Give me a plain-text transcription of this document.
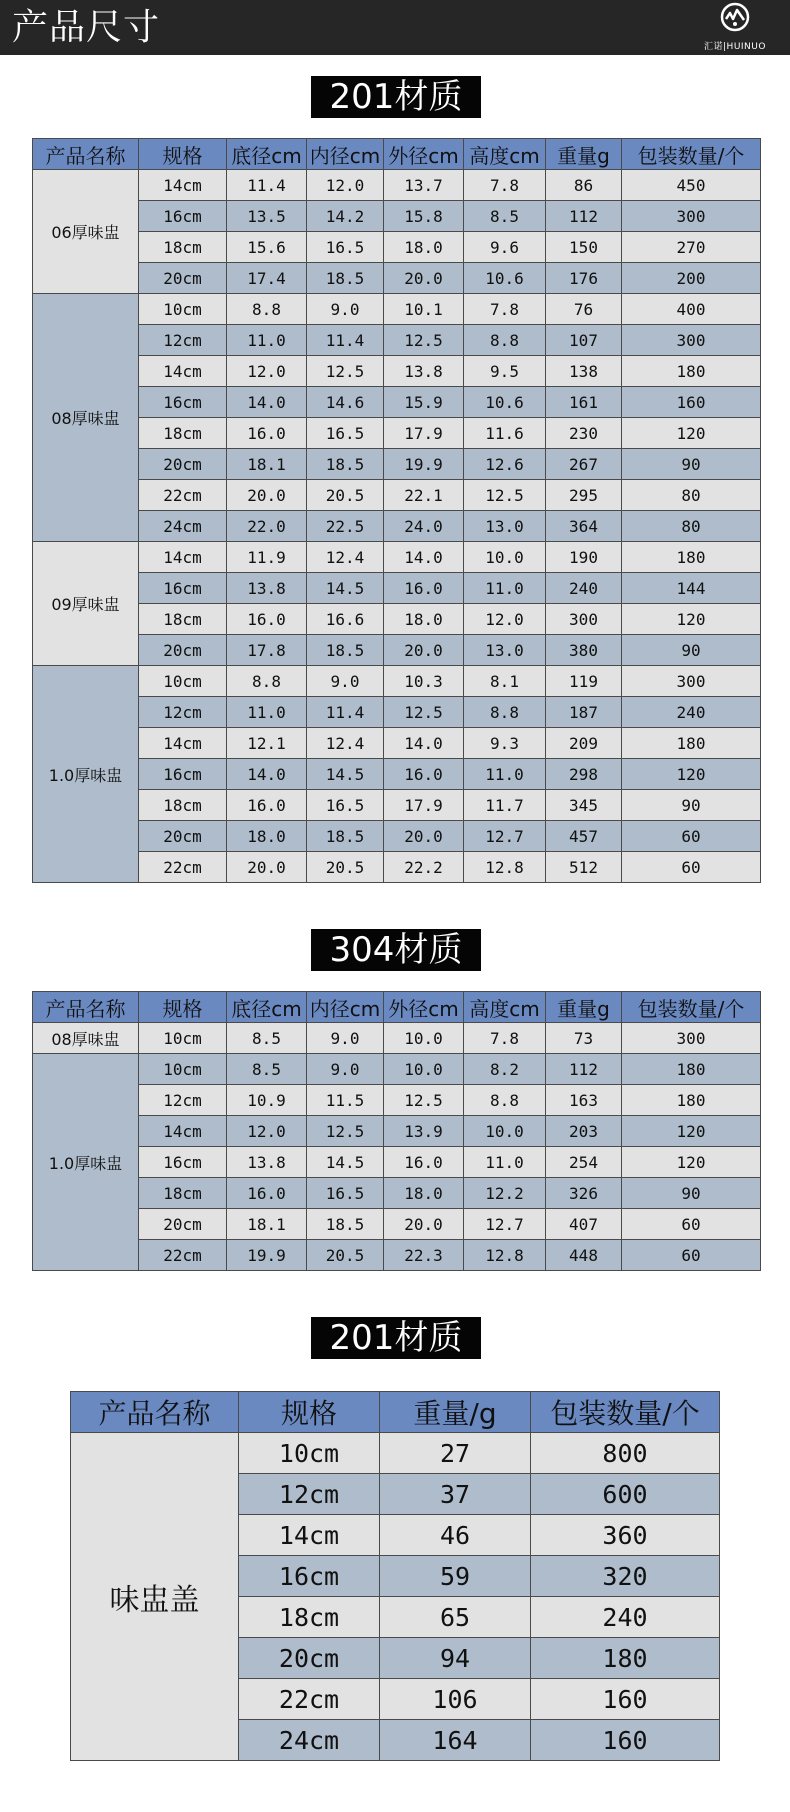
产品尺寸	汇诺|HUINUO
201材质
产品名称	规格	底径cm	内径cm	外径cm	高度cm	重量g	包装数量/个
06厚味盅	14cm	11.4	12.0	13.7	7.8	86	450
	16cm	13.5	14.2	15.8	8.5	112	300
	18cm	15.6	16.5	18.0	9.6	150	270
	20cm	17.4	18.5	20.0	10.6	176	200
08厚味盅	10cm	8.8	9.0	10.1	7.8	76	400
	12cm	11.0	11.4	12.5	8.8	107	300
	14cm	12.0	12.5	13.8	9.5	138	180
	16cm	14.0	14.6	15.9	10.6	161	160
	18cm	16.0	16.5	17.9	11.6	230	120
	20cm	18.1	18.5	19.9	12.6	267	90
	22cm	20.0	20.5	22.1	12.5	295	80
	24cm	22.0	22.5	24.0	13.0	364	80
09厚味盅	14cm	11.9	12.4	14.0	10.0	190	180
	16cm	13.8	14.5	16.0	11.0	240	144
	18cm	16.0	16.6	18.0	12.0	300	120
	20cm	17.8	18.5	20.0	13.0	380	90
1.0厚味盅	10cm	8.8	9.0	10.3	8.1	119	300
	12cm	11.0	11.4	12.5	8.8	187	240
	14cm	12.1	12.4	14.0	9.3	209	180
	16cm	14.0	14.5	16.0	11.0	298	120
	18cm	16.0	16.5	17.9	11.7	345	90
	20cm	18.0	18.5	20.0	12.7	457	60
	22cm	20.0	20.5	22.2	12.8	512	60
304材质
产品名称	规格	底径cm	内径cm	外径cm	高度cm	重量g	包装数量/个
08厚味盅	10cm	8.5	9.0	10.0	7.8	73	300
1.0厚味盅	10cm	8.5	9.0	10.0	8.2	112	180
	12cm	10.9	11.5	12.5	8.8	163	180
	14cm	12.0	12.5	13.9	10.0	203	120
	16cm	13.8	14.5	16.0	11.0	254	120
	18cm	16.0	16.5	18.0	12.2	326	90
	20cm	18.1	18.5	20.0	12.7	407	60
	22cm	19.9	20.5	22.3	12.8	448	60
201材质
产品名称	规格	重量/g	包装数量/个
味盅盖	10cm	27	800
	12cm	37	600
	14cm	46	360
	16cm	59	320
	18cm	65	240
	20cm	94	180
	22cm	106	160
	24cm	164	160
